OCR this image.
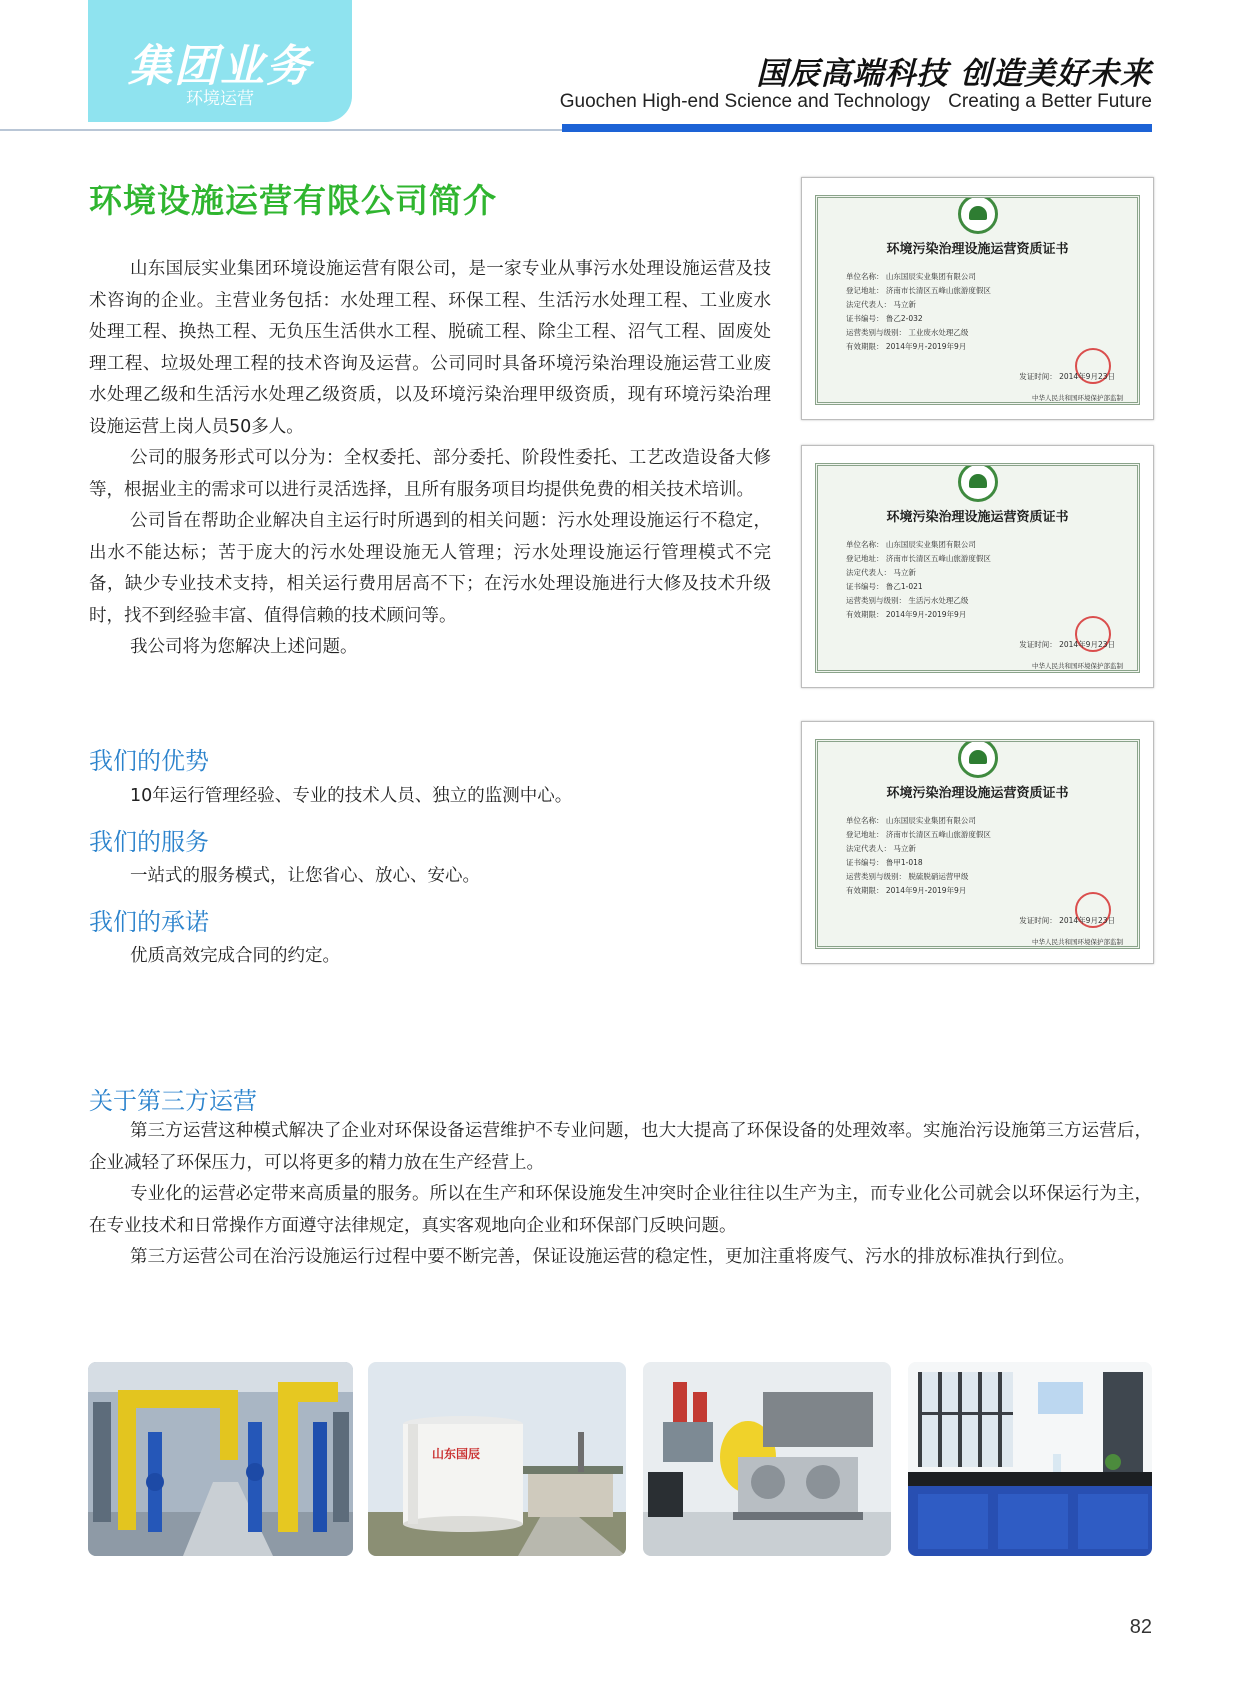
集团业务
环境运营
国辰高端科技 创造美好未来
Guochen High-end Science and Technology Creating a Better Future
环境设施运营有限公司简介

山东国辰实业集团环境设施运营有限公司，是一家专业从事污水处理设施运营及技术咨询的企业。主营业务包括：水处理工程、环保工程、生活污水处理工程、工业废水处理工程、换热工程、无负压生活供水工程、脱硫工程、除尘工程、沼气工程、固废处理工程、垃圾处理工程的技术咨询及运营。公司同时具备环境污染治理设施运营工业废水处理乙级和生活污水处理乙级资质，以及环境污染治理甲级资质，现有环境污染治理设施运营上岗人员50多人。

公司的服务形式可以分为：全权委托、部分委托、阶段性委托、工艺改造设备大修等，根据业主的需求可以进行灵活选择，且所有服务项目均提供免费的相关技术培训。

公司旨在帮助企业解决自主运行时所遇到的相关问题：污水处理设施运行不稳定，出水不能达标；苦于庞大的污水处理设施无人管理；污水处理设施运行管理模式不完备，缺少专业技术支持，相关运行费用居高不下；在污水处理设施进行大修及技术升级时，找不到经验丰富、值得信赖的技术顾问等。

我公司将为您解决上述问题。

我们的优势
10年运行管理经验、专业的技术人员、独立的监测中心。
我们的服务
一站式的服务模式，让您省心、放心、安心。
我们的承诺
优质高效完成合同的约定。
关于第三方运营

第三方运营这种模式解决了企业对环保设备运营维护不专业问题，也大大提高了环保设备的处理效率。实施治污设施第三方运营后，企业减轻了环保压力，可以将更多的精力放在生产经营上。

专业化的运营必定带来高质量的服务。所以在生产和环保设施发生冲突时企业往往以生产为主，而专业化公司就会以环保运行为主，在专业技术和日常操作方面遵守法律规定，真实客观地向企业和环保部门反映问题。

第三方运营公司在治污设施运行过程中要不断完善，保证设施运营的稳定性，更加注重将废气、污水的排放标准执行到位。

环境污染治理设施运营资质证书
单位名称： 山东国辰实业集团有限公司
登记地址： 济南市长清区五峰山旅游度假区
法定代表人： 马立新
证书编号： 鲁乙2-032
运营类别与级别： 工业废水处理乙级
有效期限： 2014年9月-2019年9月
发证时间： 2014年9月23日
中华人民共和国环境保护部监制
环境污染治理设施运营资质证书
单位名称： 山东国辰实业集团有限公司
登记地址： 济南市长清区五峰山旅游度假区
法定代表人： 马立新
证书编号： 鲁乙1-021
运营类别与级别： 生活污水处理乙级
有效期限： 2014年9月-2019年9月
发证时间： 2014年9月23日
中华人民共和国环境保护部监制
环境污染治理设施运营资质证书
单位名称： 山东国辰实业集团有限公司
登记地址： 济南市长清区五峰山旅游度假区
法定代表人： 马立新
证书编号： 鲁甲1-018
运营类别与级别： 脱硫脱硝运营甲级
有效期限： 2014年9月-2019年9月
发证时间： 2014年9月23日
中华人民共和国环境保护部监制
山东国辰
82
